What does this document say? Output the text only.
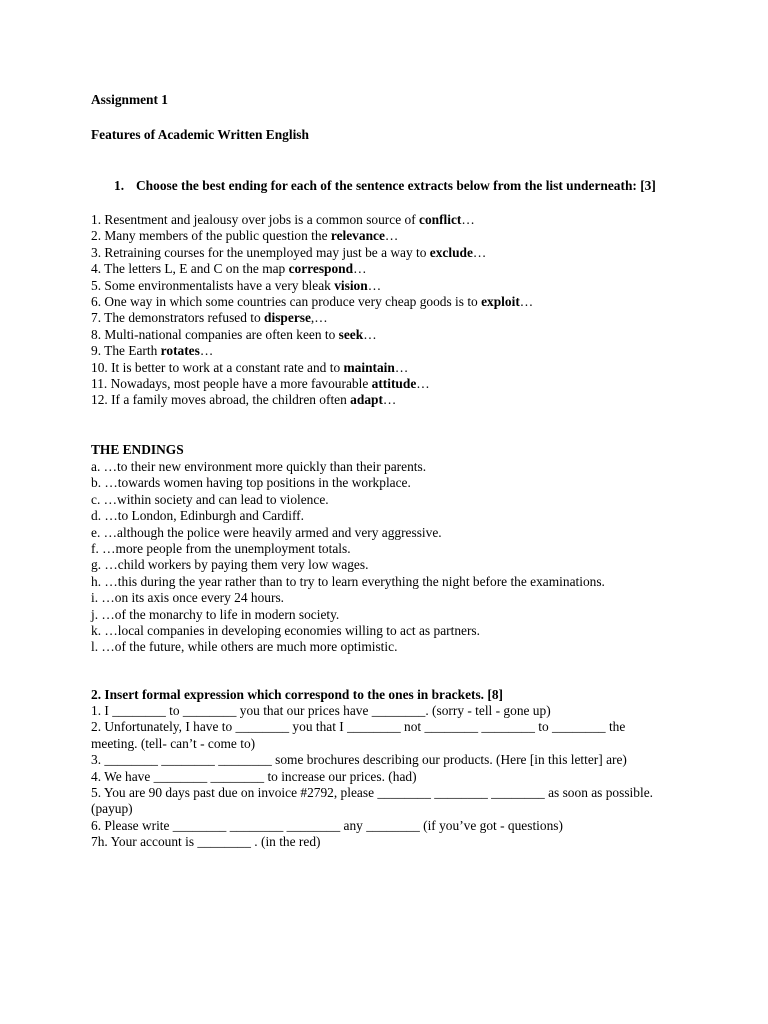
Assignment 1
Features of Academic Written English
1. Choose the best ending for each of the sentence extracts below from the list underneath: [3]
1. Resentment and jealousy over jobs is a common source of conflict…
2. Many members of the public question the relevance…
3. Retraining courses for the unemployed may just be a way to exclude…
4. The letters L, E and C on the map correspond…
5. Some environmentalists have a very bleak vision…
6. One way in which some countries can produce very cheap goods is to exploit…
7. The demonstrators refused to disperse,…
8. Multi-national companies are often keen to seek…
9. The Earth rotates…
10. It is better to work at a constant rate and to maintain…
11. Nowadays, most people have a more favourable attitude…
12. If a family moves abroad, the children often adapt…
THE ENDINGS
a. …to their new environment more quickly than their parents.
b. …towards women having top positions in the workplace.
c. …within society and can lead to violence.
d. …to London, Edinburgh and Cardiff.
e. …although the police were heavily armed and very aggressive.
f. …more people from the unemployment totals.
g. …child workers by paying them very low wages.
h. …this during the year rather than to try to learn everything the night before the examinations.
i. …on its axis once every 24 hours.
j. …of the monarchy to life in modern society.
k. …local companies in developing economies willing to act as partners.
l. …of the future, while others are much more optimistic.
2. Insert formal expression which correspond to the ones in brackets. [8]
1. I ________ to ________ you that our prices have ________. (sorry - tell - gone up)
2. Unfortunately, I have to ________ you that I ________ not ________ ________ to ________ the meeting. (tell- can’t - come to)
3. ________ ________ ________ some brochures describing our products. (Here [in this letter] are)
4. We have ________ ________ to increase our prices. (had)
5. You are 90 days past due on invoice #2792, please ________ ________ ________ as soon as possible. (payup)
6. Please write ________ ________ ________ any ________ (if you’ve got - questions)
7h. Your account is ________ . (in the red)
